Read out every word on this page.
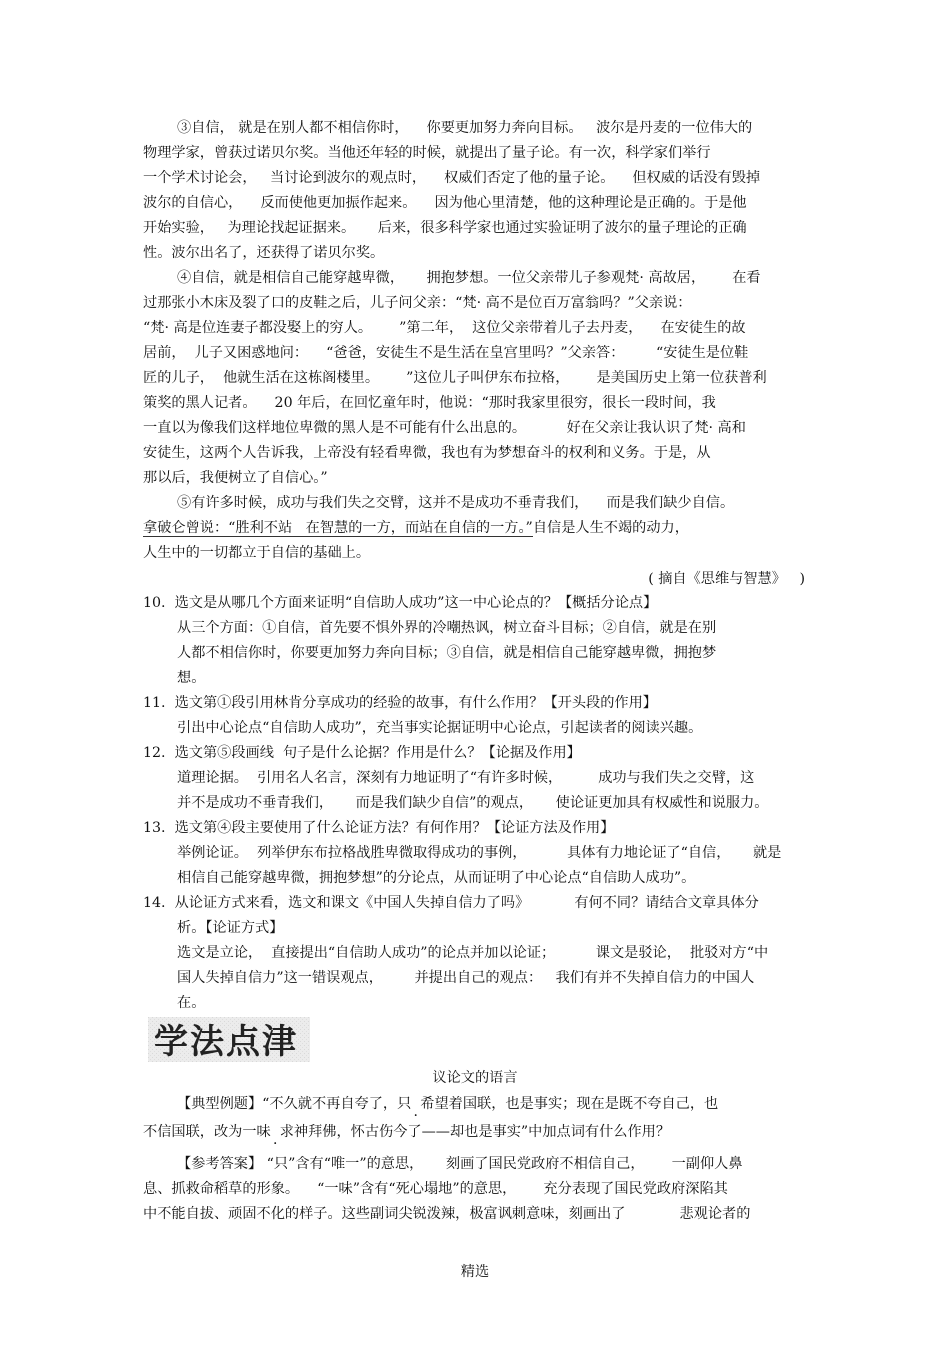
③自信， 就是在别人都不相信你时，    你要更加努力奔向目标。   波尔是丹麦的一位伟大的
物理学家，曾获过诺贝尔奖。当他还年轻的时候，就提出了量子论。有一次，科学家们举行
一个学术讨论会，   当讨论到波尔的观点时，    权威们否定了他的量子论。    但权威的话没有毁掉
波尔的自信心，    反而使他更加振作起来。    因为他心里清楚，他的这种理论是正确的。于是他
开始实验，   为理论找起证据来。     后来，很多科学家也通过实验证明了波尔的量子理论的正确
性。波尔出名了，还获得了诺贝尔奖。
④自信，就是相信自己能穿越卑微，     拥抱梦想。一位父亲带儿子参观梵· 高故居，      在看
过那张小木床及裂了口的皮鞋之后，儿子问父亲：“梵· 高不是位百万富翁吗？”父亲说：
“梵· 高是位连妻子都没娶上的穷人。      ”第二年，  这位父亲带着儿子去丹麦，    在安徒生的故
居前，  儿子又困惑地问：    “爸爸，安徒生不是生活在皇宫里吗？”父亲答：       “安徒生是位鞋
匠的儿子，  他就生活在这栋阁楼里。      ”这位儿子叫伊东布拉格，      是美国历史上第一位获普利
策奖的黑人记者。    20 年后，在回忆童年时，他说：“那时我家里很穷，很长一段时间，我
一直以为像我们这样地位卑微的黑人是不可能有什么出息的。         好在父亲让我认识了梵· 高和
安徒生，这两个人告诉我，上帝没有轻看卑微，我也有为梦想奋斗的权利和义务。于是，从
那以后，我便树立了自信心。”
⑤有许多时候，成功与我们失之交臂，这并不是成功不垂青我们，    而是我们缺少自信。
拿破仑曾说：“胜利不站   在智慧的一方，而站在自信的一方。”自信是人生不竭的动力，
人生中的一切都立于自信的基础上。
( 摘自《思维与智慧》   )
10.  选文是从哪几个方面来证明“自信助人成功”这一中心论点的？【概括分论点】
从三个方面：①自信，首先要不惧外界的冷嘲热讽，树立奋斗目标；②自信，就是在别
人都不相信你时，你要更加努力奔向目标；③自信，就是相信自己能穿越卑微，拥抱梦
想。
11.  选文第①段引用林肯分享成功的经验的故事，有什么作用？【开头段的作用】
引出中心论点“自信助人成功”，充当事实论据证明中心论点，引起读者的阅读兴趣。
12.  选文第⑤段画线  句子是什么论据？作用是什么？【论据及作用】
道理论据。  引用名人名言，深刻有力地证明了“有许多时候，        成功与我们失之交臂，这
并不是成功不垂青我们，     而是我们缺少自信”的观点，     使论证更加具有权威性和说服力。
13.  选文第④段主要使用了什么论证方法？有何作用？【论证方法及作用】
举例论证。  列举伊东布拉格战胜卑微取得成功的事例，         具体有力地论证了“自信，     就是
相信自己能穿越卑微，拥抱梦想”的分论点，从而证明了中心论点“自信助人成功”。
14.  从论证方式来看，选文和课文《中国人失掉自信力了吗》          有何不同？请结合文章具体分
析。【论证方式】
选文是立论，  直接提出“自信助人成功”的论点并加以论证；         课文是驳论，  批驳对方“中
国人失掉自信力”这一错误观点，       并提出自己的观点：   我们有并不失掉自信力的中国人
在。
学法点津
议论文的语言
【典型例题】“不久就不再自夸了，只 · 希望着国联，也是事实；现在是既不夸自己，也
不信国联，改为一味 · 求神拜佛，怀古伤今了——却也是事实”中加点词有什么作用？
【参考答案】 “只”含有“唯一”的意思，     刻画了国民党政府不相信自己，      一副仰人鼻
息、抓救命稻草的形象。    “一味”含有“死心塌地”的意思，      充分表现了国民党政府深陷其
中不能自拔、顽固不化的样子。这些副词尖锐泼辣，极富讽刺意味，刻画出了            悲观论者的
精选
